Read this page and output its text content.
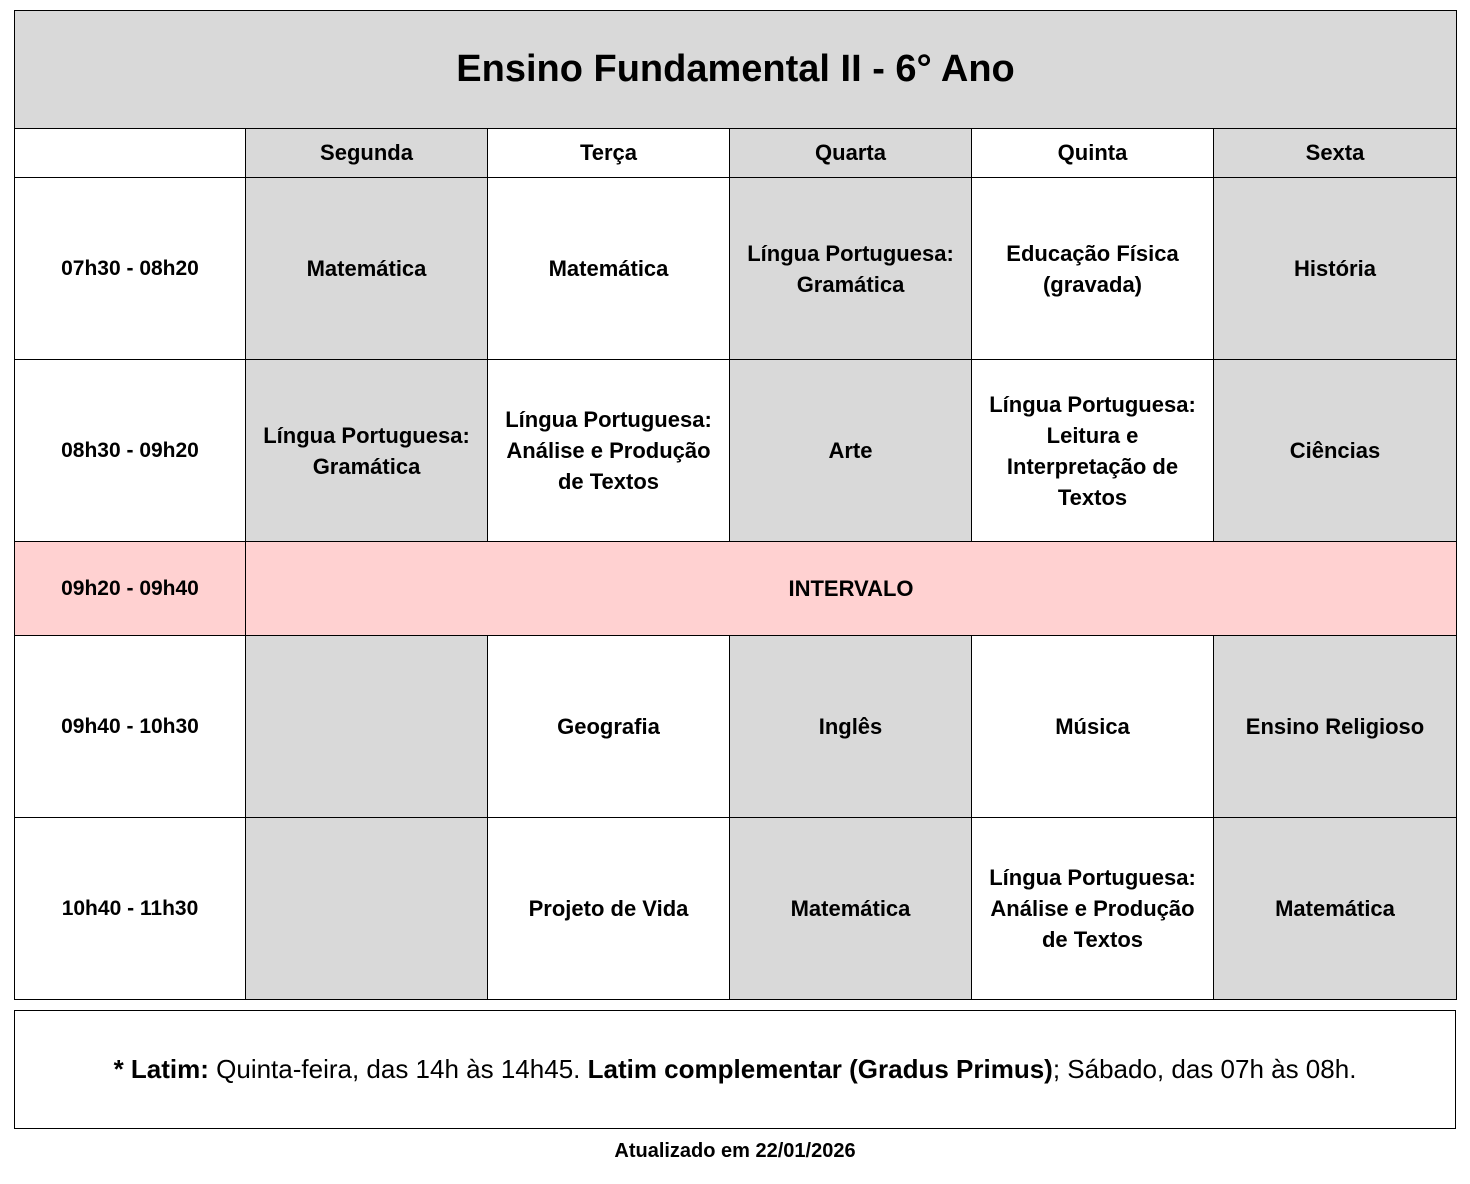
Ensino Fundamental II - 6° Ano					
	Segunda	Terça	Quarta	Quinta	Sexta
07h30 - 08h20	Matemática	Matemática	Língua Portuguesa: Gramática	Educação Física (gravada)	História
08h30 - 09h20	Língua Portuguesa: Gramática	Língua Portuguesa: Análise e Produção de Textos	Arte	Língua Portuguesa: Leitura e Interpretação de Textos	Ciências
09h20 - 09h40	INTERVALO				
09h40 - 10h30		Geografia	Inglês	Música	Ensino Religioso
10h40 - 11h30		Projeto de Vida	Matemática	Língua Portuguesa: Análise e Produção de Textos	Matemática
* Latim: Quinta-feira, das 14h às 14h45. Latim complementar (Gradus Primus); Sábado, das 07h às 08h.
Atualizado em 22/01/2026
